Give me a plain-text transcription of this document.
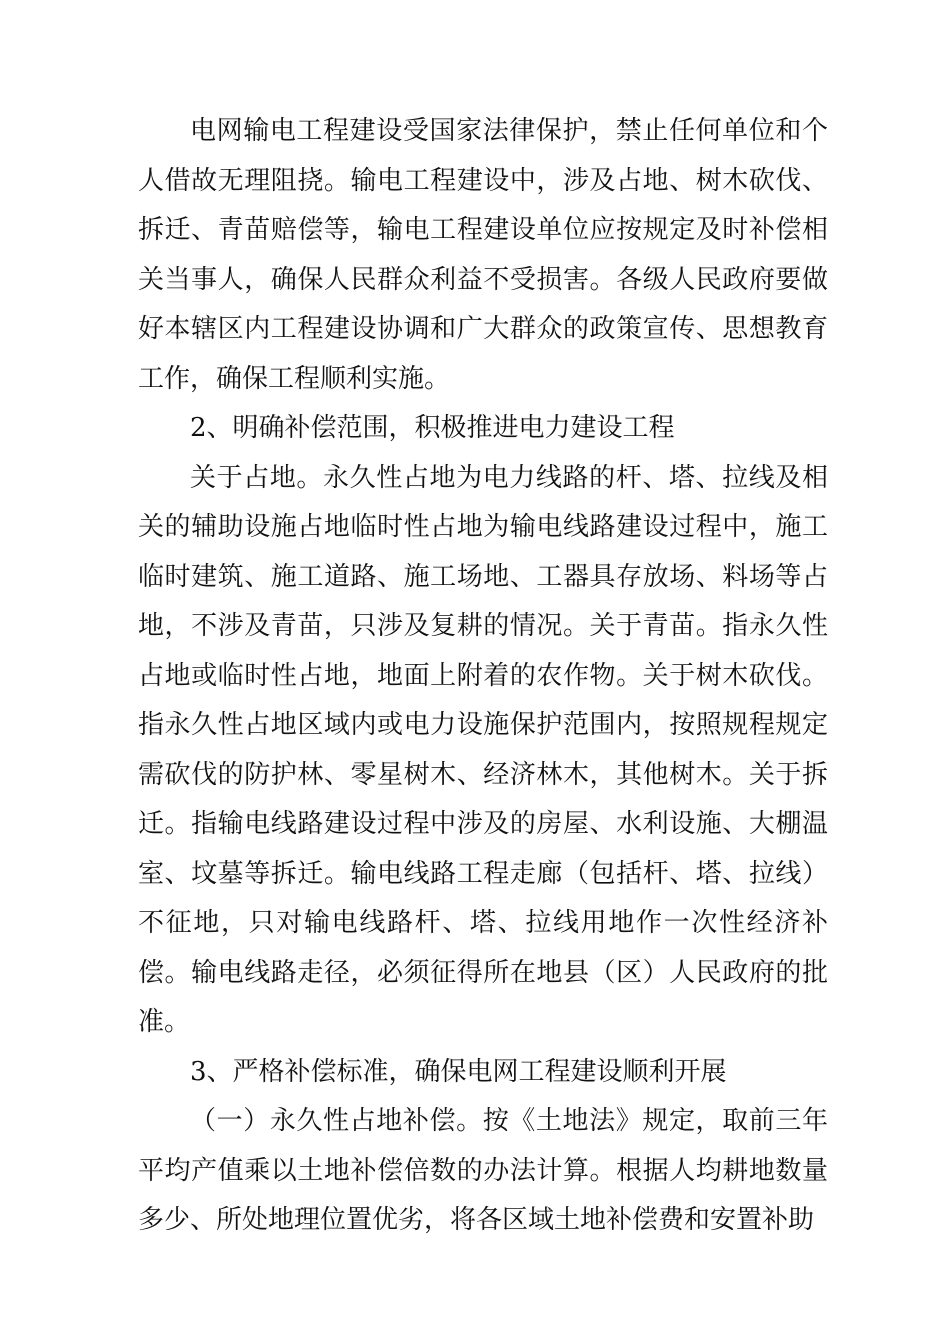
电网输电工程建设受国家法律保护，禁止任何单位和个人借故无理阻挠。输电工程建设中，涉及占地、树木砍伐、拆迁、青苗赔偿等，输电工程建设单位应按规定及时补偿相关当事人，确保人民群众利益不受损害。各级人民政府要做好本辖区内工程建设协调和广大群众的政策宣传、思想教育工作，确保工程顺利实施。

2、明确补偿范围，积极推进电力建设工程

关于占地。永久性占地为电力线路的杆、塔、拉线及相关的辅助设施占地临时性占地为输电线路建设过程中，施工临时建筑、施工道路、施工场地、工器具存放场、料场等占地，不涉及青苗，只涉及复耕的情况。关于青苗。指永久性占地或临时性占地，地面上附着的农作物。关于树木砍伐。指永久性占地区域内或电力设施保护范围内，按照规程规定需砍伐的防护林、零星树木、经济林木，其他树木。关于拆迁。指输电线路建设过程中涉及的房屋、水利设施、大棚温室、坟墓等拆迁。输电线路工程走廊（包括杆、塔、拉线）不征地，只对输电线路杆、塔、拉线用地作一次性经济补偿。输电线路走径，必须征得所在地县（区）人民政府的批准。

3、严格补偿标准，确保电网工程建设顺利开展

（一）永久性占地补偿。按《土地法》规定，取前三年平均产值乘以土地补偿倍数的办法计算。根据人均耕地数量多少、所处地理位置优劣，将各区域土地补偿费和安置补助
